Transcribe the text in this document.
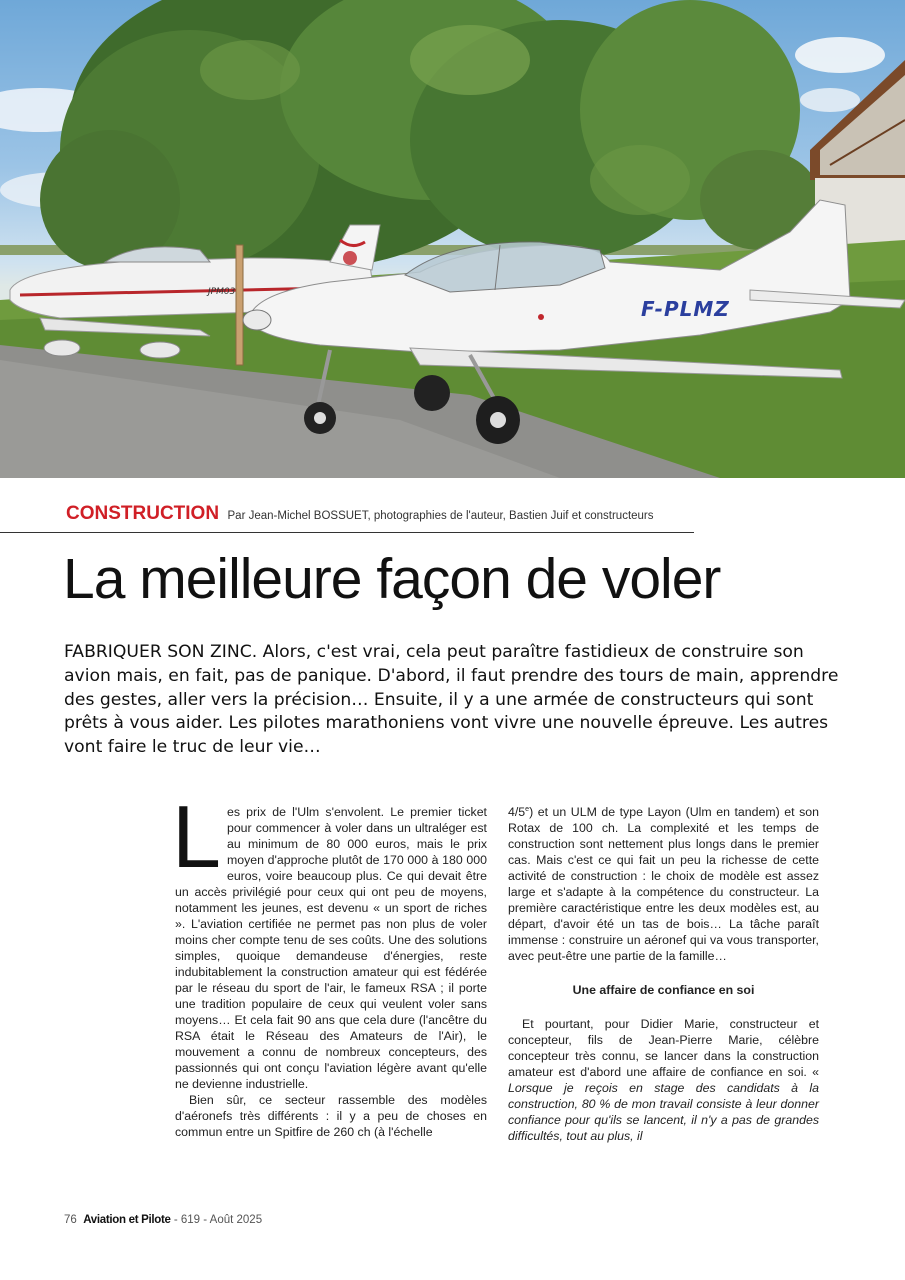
F-PLMZ
JPM03
CONSTRUCTION Par Jean-Michel BOSSUET, photographies de l'auteur, Bastien Juif et constructeurs
La meilleure façon de voler

FABRIQUER SON ZINC. Alors, c'est vrai, cela peut paraître fastidieux de construire son avion mais, en fait, pas de panique. D'abord, il faut prendre des tours de main, apprendre des gestes, aller vers la précision… Ensuite, il y a une armée de constructeurs qui sont prêts à vous aider. Les pilotes marathoniens vont vivre une nouvelle épreuve. Les autres vont faire le truc de leur vie…

Les prix de l'Ulm s'envolent. Le premier ticket pour commencer à voler dans un ultraléger est au minimum de 80 000 euros, mais le prix moyen d'approche plutôt de 170 000 à 180 000 euros, voire beaucoup plus. Ce qui devait être un accès privilégié pour ceux qui ont peu de moyens, notamment les jeunes, est devenu « un sport de riches ». L'aviation certifiée ne permet pas non plus de voler moins cher compte tenu de ses coûts. Une des solutions simples, quoique demandeuse d'énergies, reste indubitablement la construction amateur qui est fédérée par le réseau du sport de l'air, le fameux RSA ; il porte une tradition populaire de ceux qui veulent voler sans moyens… Et cela fait 90 ans que cela dure (l'ancêtre du RSA était le Réseau des Amateurs de l'Air), le mouvement a connu de nombreux concepteurs, des passionnés qui ont conçu l'aviation légère avant qu'elle ne devienne industrielle.

Bien sûr, ce secteur rassemble des modèles d'aéronefs très différents : il y a peu de choses en commun entre un Spitfire de 260 ch (à l'échelle

4/5e) et un ULM de type Layon (Ulm en tandem) et son Rotax de 100 ch. La complexité et les temps de construction sont nettement plus longs dans le premier cas. Mais c'est ce qui fait un peu la richesse de cette activité de construction : le choix de modèle est assez large et s'adapte à la compétence du constructeur. La première caractéristique entre les deux modèles est, au départ, d'avoir été un tas de bois… La tâche paraît immense : construire un aéronef qui va vous transporter, avec peut-être une partie de la famille…

Une affaire de confiance en soi

Et pourtant, pour Didier Marie, constructeur et concepteur, fils de Jean-Pierre Marie, célèbre concepteur très connu, se lancer dans la construction amateur est d'abord une affaire de confiance en soi. « Lorsque je reçois en stage des candidats à la construction, 80 % de mon travail consiste à leur donner confiance pour qu'ils se lancent, il n'y a pas de grandes difficultés, tout au plus, il

76 Aviation et Pilote - 619 - Août 2025
